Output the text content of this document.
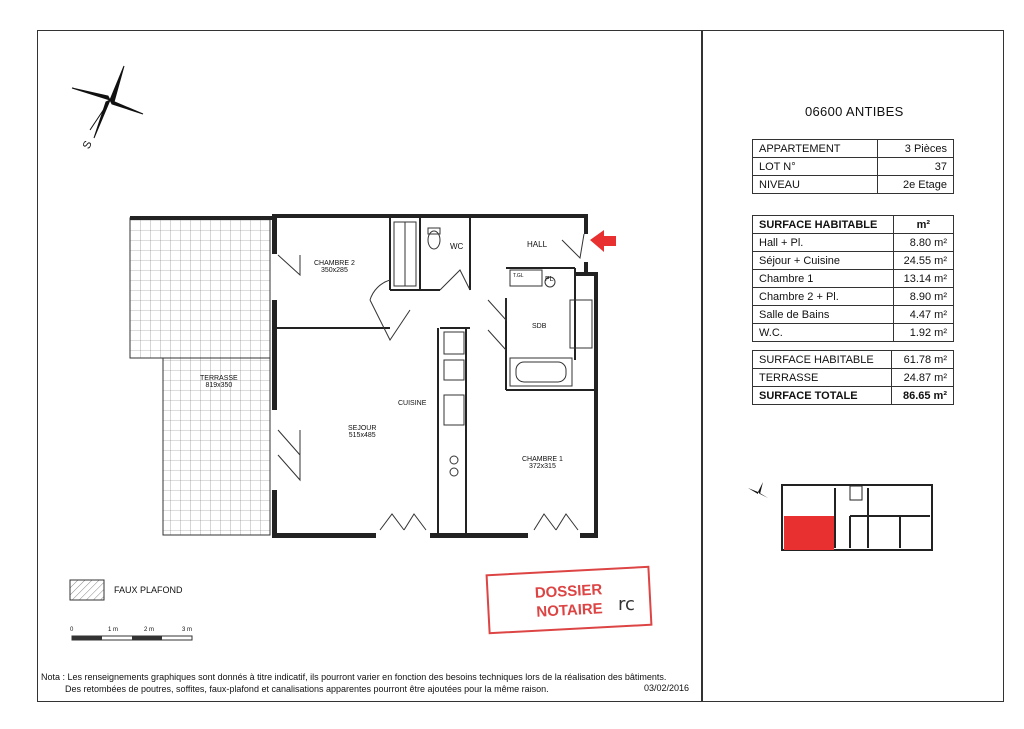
S
CHAMBRE 2
350x285
WC	HALL
PL
T.GL
SDB
TERRASSE
819x350
SEJOUR
515x485
CUISINE
CHAMBRE 1
372x315
FAUX PLAFOND
0	1 m	2 m	3 m
DOSSIER
NOTAIRE rc
Nota : Les renseignements graphiques sont donnés à titre indicatif, ils pourront varier en fonction des besoins techniques lors de la réalisation des bâtiments.
Des retombées de poutres, soffites, faux-plafond et canalisations apparentes pourront être ajoutées pour la même raison.	03/02/2016
06600 ANTIBES
APPARTEMENT	3 Pièces
LOT N°	37
NIVEAU	2e Etage
SURFACE HABITABLE	m²
Hall + Pl.	8.80 m²
Séjour + Cuisine	24.55 m²
Chambre 1	13.14 m²
Chambre 2 + Pl.	8.90 m²
Salle de Bains	4.47 m²
W.C.	1.92 m²
SURFACE HABITABLE	61.78 m²
TERRASSE	24.87 m²
SURFACE TOTALE	86.65 m²
